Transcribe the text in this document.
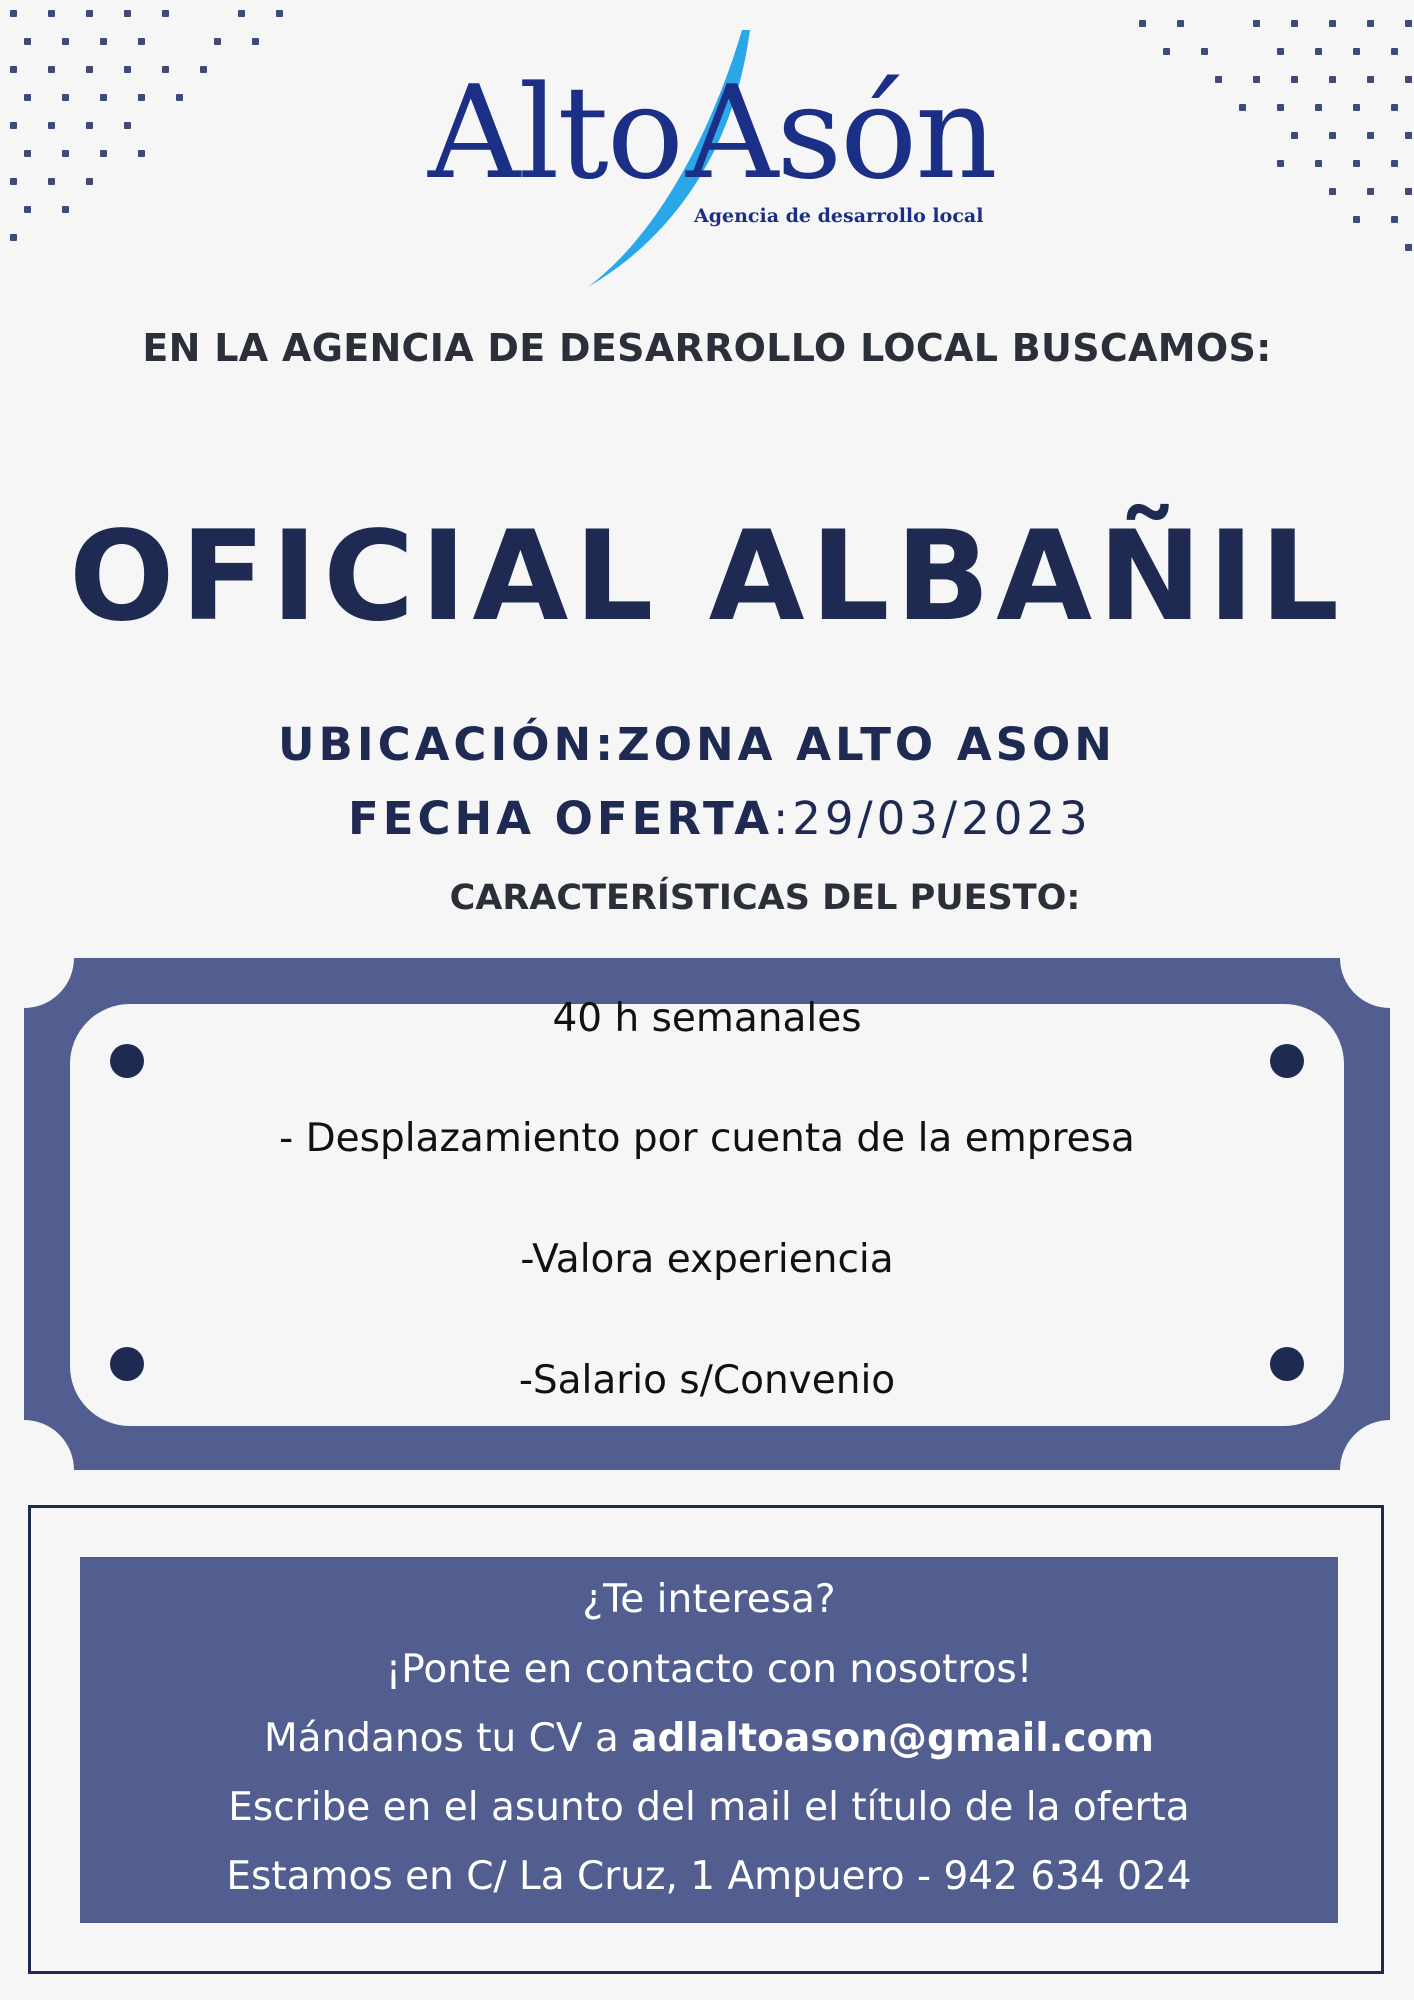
Alto Asón
Agencia de desarrollo local
EN LA AGENCIA DE DESARROLLO LOCAL BUSCAMOS:
OFICIAL ALBAÑIL
UBICACIÓN:ZONA ALTO ASON
FECHA OFERTA:29/03/2023
CARACTERÍSTICAS DEL PUESTO:
40 h semanales
- Desplazamiento por cuenta de la empresa
-Valora experiencia
-Salario s/Convenio
¿Te interesa?
¡Ponte en contacto con nosotros!
Mándanos tu CV a adlaltoason@gmail.com
Escribe en el asunto del mail el título de la oferta
Estamos en C/ La Cruz, 1 Ampuero - 942 634 024
